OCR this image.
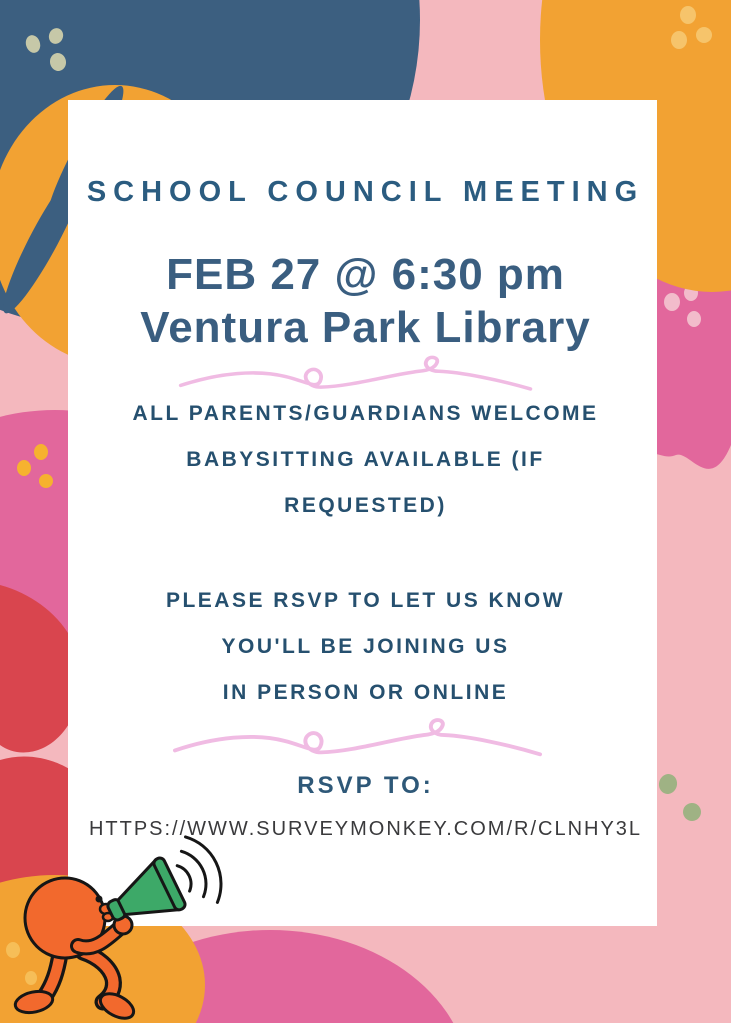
SCHOOL COUNCIL MEETING
FEB 27 @ 6:30 pm
Ventura Park Library
ALL PARENTS/GUARDIANS WELCOME
BABYSITTING AVAILABLE (IF
REQUESTED)
PLEASE RSVP TO LET US KNOW
YOU'LL BE JOINING US
IN PERSON OR ONLINE
RSVP TO:
HTTPS://WWW.SURVEYMONKEY.COM/R/CLNHY3L
